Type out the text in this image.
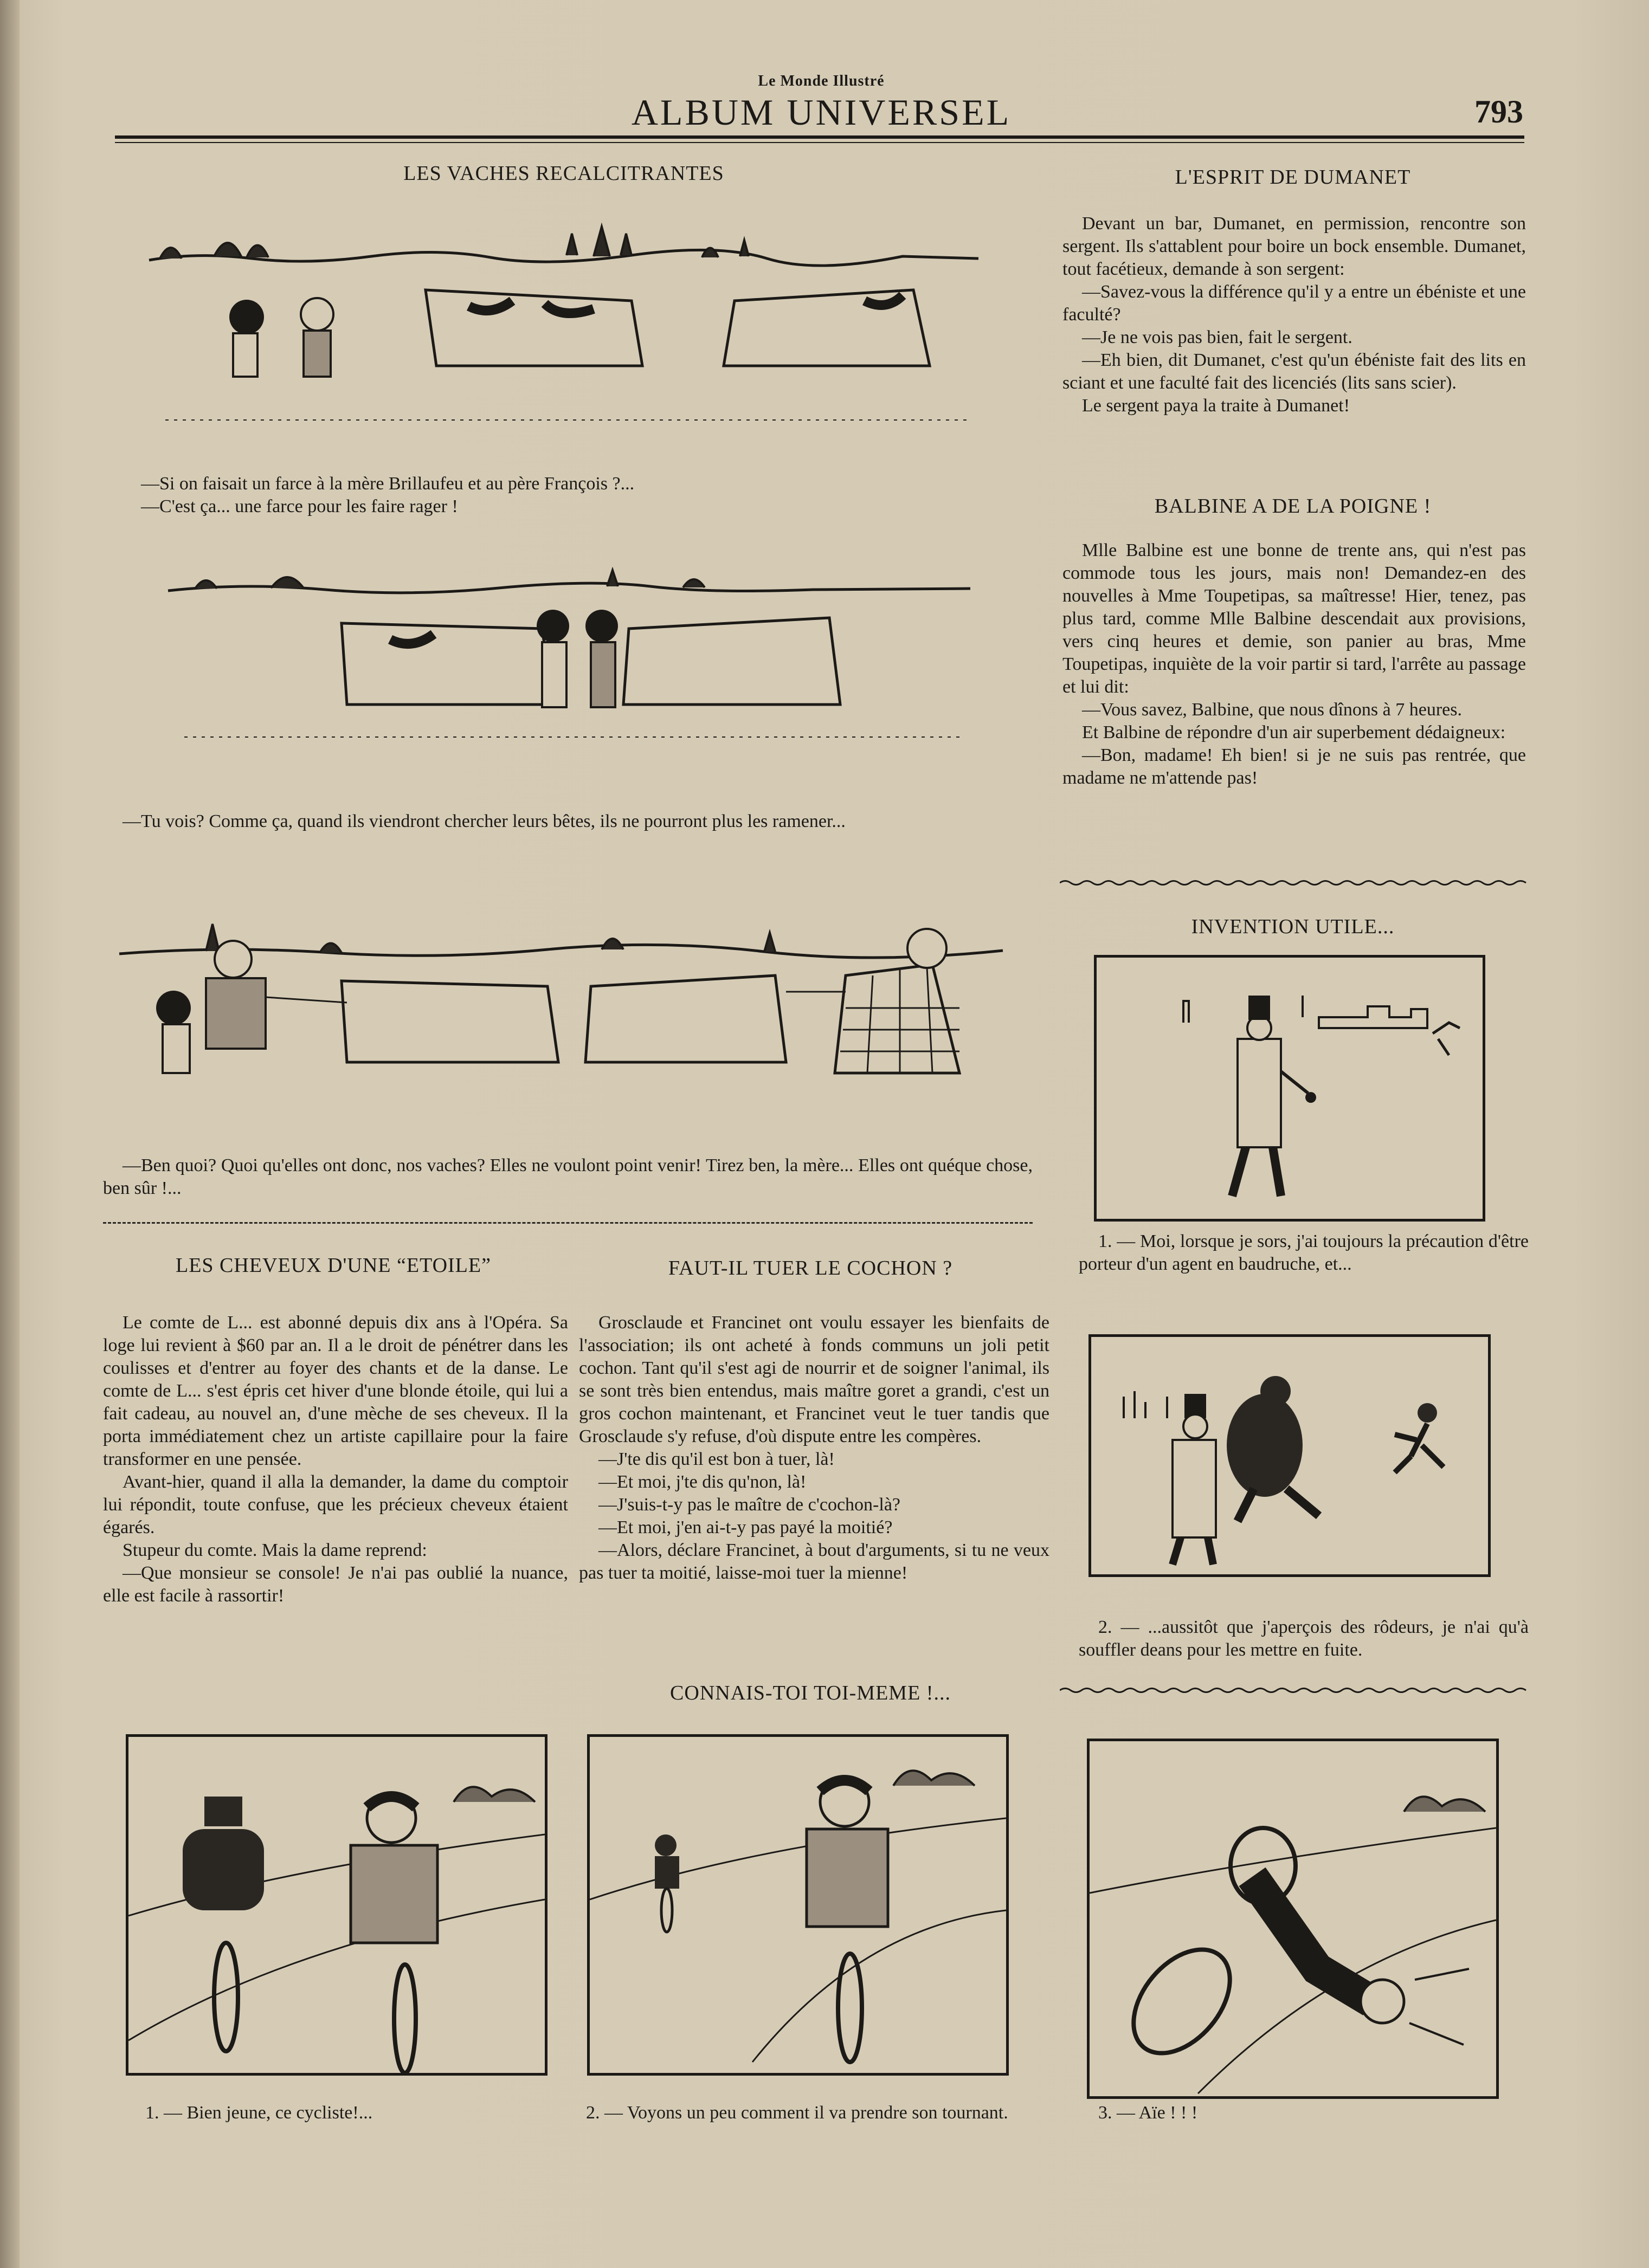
Le Monde Illustré
ALBUM UNIVERSEL	793
LES VACHES RECALCITRANTES
—Si on faisait un farce à la mère Brillaufeu et au père François ?...
—C'est ça... une farce pour les faire rager !

—Tu vois? Comme ça, quand ils viendront chercher leurs bêtes, ils ne pourront plus les ramener...

—Ben quoi? Quoi qu'elles ont donc, nos vaches? Elles ne voulont point venir! Tirez ben, la mère... Elles ont quéque chose, ben sûr !...

L'ESPRIT DE DUMANET

Devant un bar, Dumanet, en permission, rencontre son sergent. Ils s'attablent pour boire un bock ensemble. Dumanet, tout facétieux, demande à son sergent:

—Savez-vous la différence qu'il y a entre un ébéniste et une faculté?

—Je ne vois pas bien, fait le sergent.

—Eh bien, dit Dumanet, c'est qu'un ébéniste fait des lits en sciant et une faculté fait des licenciés (lits sans scier).

Le sergent paya la traite à Dumanet!

BALBINE A DE LA POIGNE !

Mlle Balbine est une bonne de trente ans, qui n'est pas commode tous les jours, mais non! Demandez-en des nouvelles à Mme Toupetipas, sa maîtresse! Hier, tenez, pas plus tard, comme Mlle Balbine descendait aux provisions, vers cinq heures et demie, son panier au bras, Mme Toupetipas, inquiète de la voir partir si tard, l'arrête au passage et lui dit:

—Vous savez, Balbine, que nous dînons à 7 heures.

Et Balbine de répondre d'un air superbement dédaigneux:

—Bon, madame! Eh bien! si je ne suis pas rentrée, que madame ne m'attende pas!

INVENTION UTILE...

1. — Moi, lorsque je sors, j'ai toujours la précaution d'être porteur d'un agent en baudruche, et...

2. — ...aussitôt que j'aperçois des rôdeurs, je n'ai qu'à souffler deans pour les mettre en fuite.

LES CHEVEUX D'UNE “ETOILE”

Le comte de L... est abonné depuis dix ans à l'Opéra. Sa loge lui revient à $60 par an. Il a le droit de pénétrer dans les coulisses et d'entrer au foyer des chants et de la danse. Le comte de L... s'est épris cet hiver d'une blonde étoile, qui lui a fait cadeau, au nouvel an, d'une mèche de ses cheveux. Il la porta immédiatement chez un artiste capillaire pour la faire transformer en une pensée.

Avant-hier, quand il alla la demander, la dame du comptoir lui répondit, toute confuse, que les précieux cheveux étaient égarés.

Stupeur du comte. Mais la dame reprend:

—Que monsieur se console! Je n'ai pas oublié la nuance, elle est facile à rassortir!

FAUT-IL TUER LE COCHON ?

Grosclaude et Francinet ont voulu essayer les bienfaits de l'association; ils ont acheté à fonds communs un joli petit cochon. Tant qu'il s'est agi de nourrir et de soigner l'animal, ils se sont très bien entendus, mais maître goret a grandi, c'est un gros cochon maintenant, et Francinet veut le tuer tandis que Grosclaude s'y refuse, d'où dispute entre les compères.

—J'te dis qu'il est bon à tuer, là!

—Et moi, j'te dis qu'non, là!

—J'suis-t-y pas le maître de c'cochon-là?

—Et moi, j'en ai-t-y pas payé la moitié?

—Alors, déclare Francinet, à bout d'arguments, si tu ne veux pas tuer ta moitié, laisse-moi tuer la mienne!

CONNAIS-TOI TOI-MEME !...

1. — Bien jeune, ce cycliste!...	2. — Voyons un peu comment il va prendre son tournant.	3. — Aïe ! ! !
